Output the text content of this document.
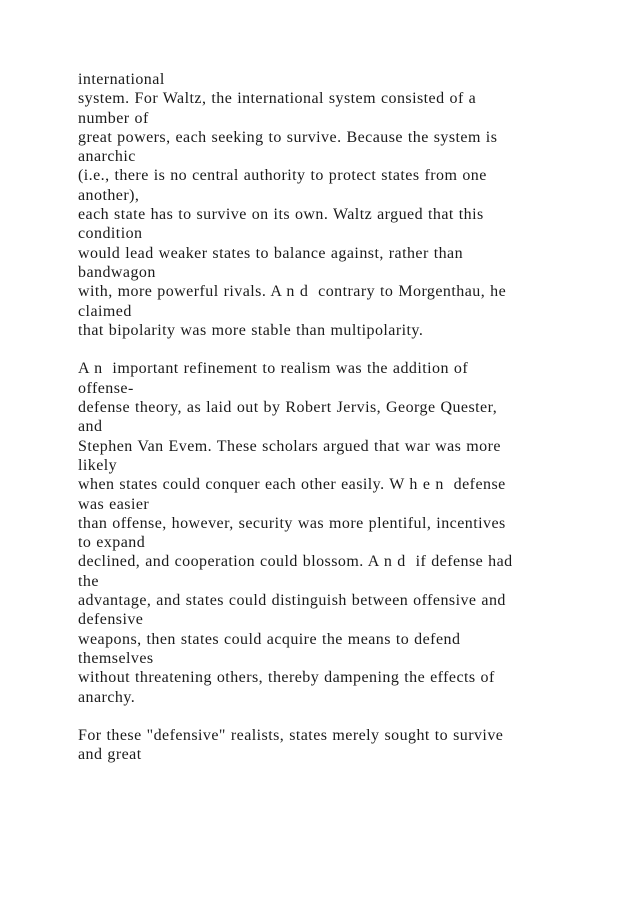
international
system. For Waltz, the international system consisted of a
number of
great powers, each seeking to survive. Because the system is
anarchic
(i.e., there is no central authority to protect states from one
another),
each state has to survive on its own. Waltz argued that this
condition
would lead weaker states to balance against, rather than
bandwagon
with, more powerful rivals. A n d  contrary to Morgenthau, he
claimed
that bipolarity was more stable than multipolarity.

A n  important refinement to realism was the addition of
offense-
defense theory, as laid out by Robert Jervis, George Quester,
and
Stephen Van Evem. These scholars argued that war was more
likely
when states could conquer each other easily. W h e n  defense
was easier
than offense, however, security was more plentiful, incentives
to expand
declined, and cooperation could blossom. A n d  if defense had
the
advantage, and states could distinguish between offensive and
defensive
weapons, then states could acquire the means to defend
themselves
without threatening others, thereby dampening the effects of
anarchy.

For these "defensive" realists, states merely sought to survive
and great
